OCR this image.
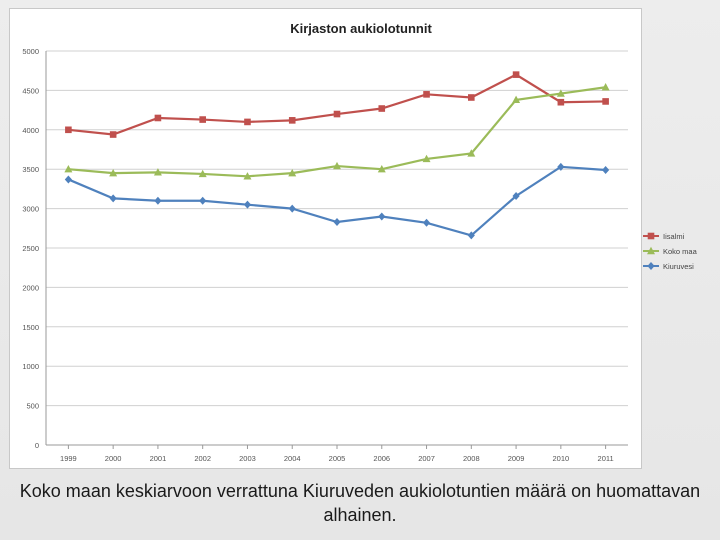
Kirjaston aukiolotunnit
0
500
1000
1500
2000
2500
3000
3500
4000
4500
5000
1999	2000	2001	2002	2003	2004	2005	2006	2007	2008	2009	2010	2011
Koko maan keskiarvoon verrattuna Kiuruveden aukiolotuntien määrä on huomattavan alhainen.
Iisalmi
Koko maa
Kiuruvesi
